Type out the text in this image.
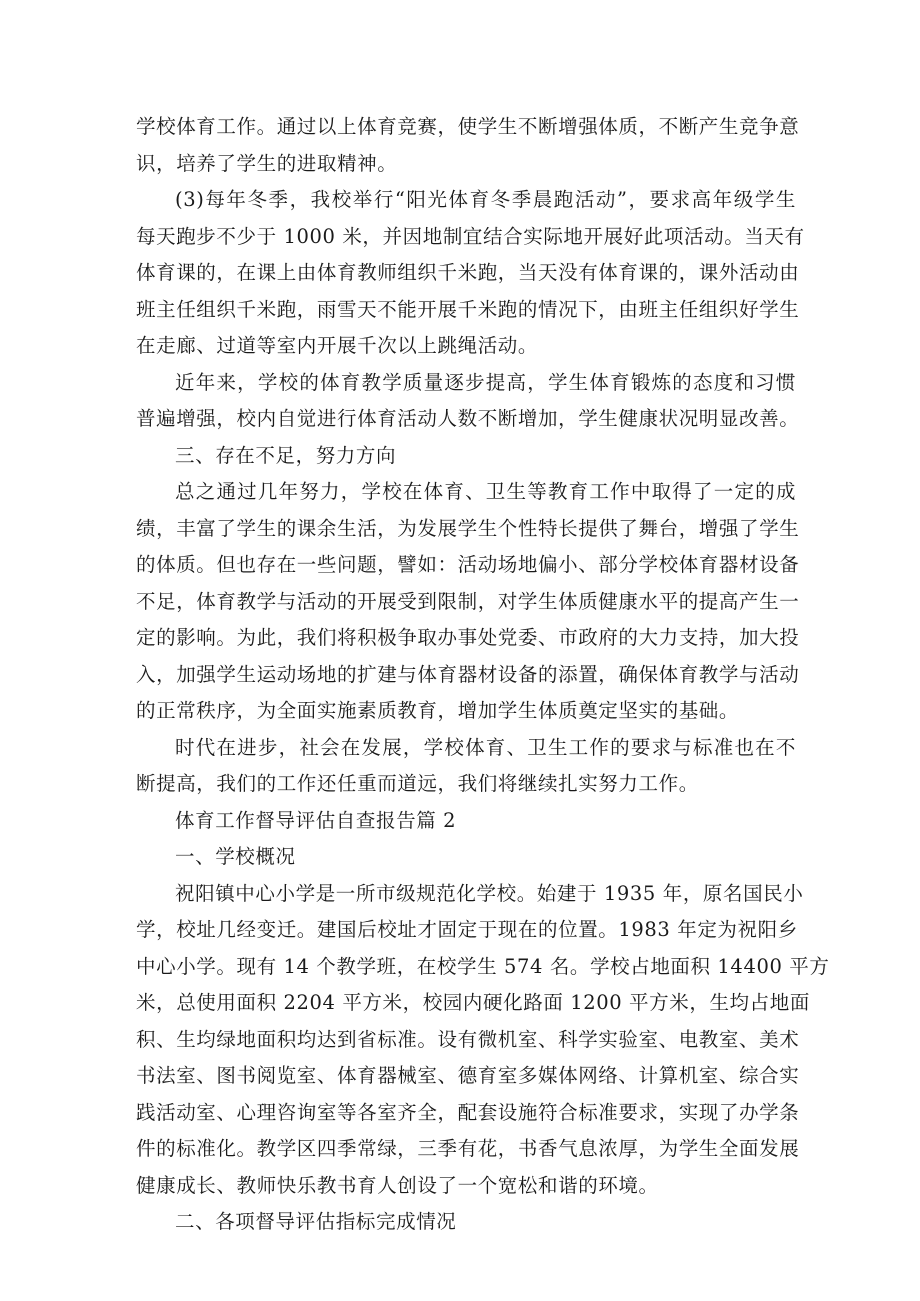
学校体育工作。通过以上体育竞赛，使学生不断增强体质，不断产生竞争意
识，培养了学生的进取精神。

(3)每年冬季，我校举行“阳光体育冬季晨跑活动”，要求高年级学生
每天跑步不少于 1000 米，并因地制宜结合实际地开展好此项活动。当天有
体育课的，在课上由体育教师组织千米跑，当天没有体育课的，课外活动由
班主任组织千米跑，雨雪天不能开展千米跑的情况下，由班主任组织好学生
在走廊、过道等室内开展千次以上跳绳活动。

近年来，学校的体育教学质量逐步提高，学生体育锻炼的态度和习惯
普遍增强，校内自觉进行体育活动人数不断增加，学生健康状况明显改善。

三、存在不足，努力方向

总之通过几年努力，学校在体育、卫生等教育工作中取得了一定的成
绩，丰富了学生的课余生活，为发展学生个性特长提供了舞台，增强了学生
的体质。但也存在一些问题，譬如：活动场地偏小、部分学校体育器材设备
不足，体育教学与活动的开展受到限制，对学生体质健康水平的提高产生一
定的影响。为此，我们将积极争取办事处党委、市政府的大力支持，加大投
入，加强学生运动场地的扩建与体育器材设备的添置，确保体育教学与活动
的正常秩序，为全面实施素质教育，增加学生体质奠定坚实的基础。

时代在进步，社会在发展，学校体育、卫生工作的要求与标准也在不
断提高，我们的工作还任重而道远，我们将继续扎实努力工作。

体育工作督导评估自查报告篇 2

一、学校概况

祝阳镇中心小学是一所市级规范化学校。始建于 1935 年，原名国民小
学，校址几经变迁。建国后校址才固定于现在的位置。1983 年定为祝阳乡
中心小学。现有 14 个教学班，在校学生 574 名。学校占地面积 14400 平方
米，总使用面积 2204 平方米，校园内硬化路面 1200 平方米，生均占地面
积、生均绿地面积均达到省标准。设有微机室、科学实验室、电教室、美术
书法室、图书阅览室、体育器械室、德育室多媒体网络、计算机室、综合实
践活动室、心理咨询室等各室齐全，配套设施符合标准要求，实现了办学条
件的标准化。教学区四季常绿，三季有花，书香气息浓厚，为学生全面发展
健康成长、教师快乐教书育人创设了一个宽松和谐的环境。

二、各项督导评估指标完成情况
